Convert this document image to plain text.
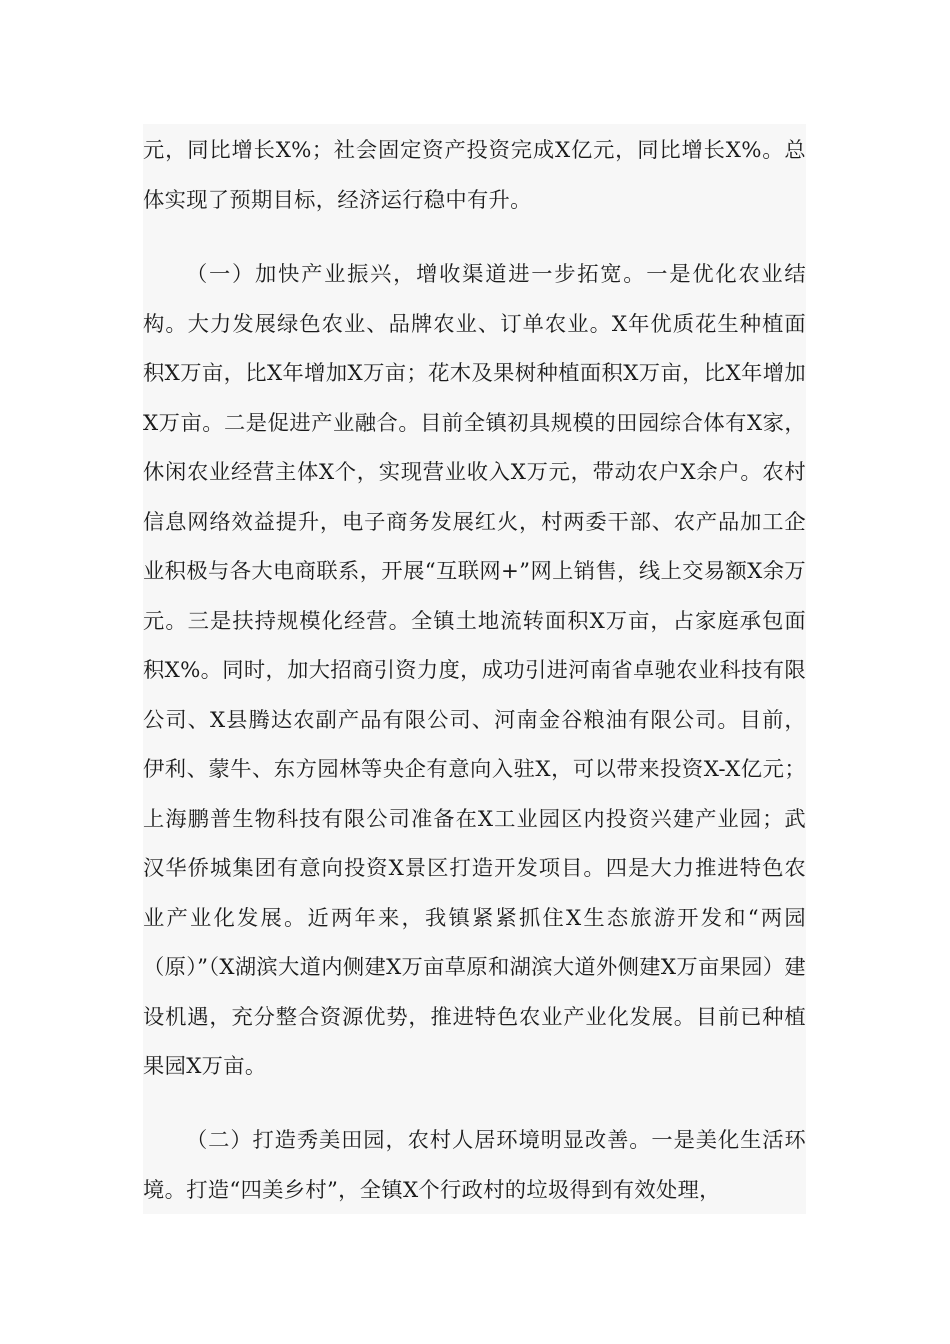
元，同比增长X%；社会固定资产投资完成X亿元，同比增长X%。总体实现了预期目标，经济运行稳中有升。

（一）加快产业振兴，增收渠道进一步拓宽。一是优化农业结构。大力发展绿色农业、品牌农业、订单农业。X年优质花生种植面积X万亩，比X年增加X万亩；花木及果树种植面积X万亩，比X年增加X万亩。二是促进产业融合。目前全镇初具规模的田园综合体有X家，休闲农业经营主体X个，实现营业收入X万元，带动农户X余户。农村信息网络效益提升，电子商务发展红火，村两委干部、农产品加工企业积极与各大电商联系，开展“互联网+”网上销售，线上交易额X余万元。三是扶持规模化经营。全镇土地流转面积X万亩，占家庭承包面积X%。同时，加大招商引资力度，成功引进河南省卓驰农业科技有限公司、X县腾达农副产品有限公司、河南金谷粮油有限公司。目前，伊利、蒙牛、东方园林等央企有意向入驻X，可以带来投资X-X亿元；上海鹏普生物科技有限公司准备在X工业园区内投资兴建产业园；武汉华侨城集团有意向投资X景区打造开发项目。四是大力推进特色农业产业化发展。近两年来，我镇紧紧抓住X生态旅游开发和“两园（原）”（X湖滨大道内侧建X万亩草原和湖滨大道外侧建X万亩果园）建设机遇，充分整合资源优势，推进特色农业产业化发展。目前已种植果园X万亩。

（二）打造秀美田园，农村人居环境明显改善。一是美化生活环境。打造“四美乡村”，全镇X个行政村的垃圾得到有效处理，
